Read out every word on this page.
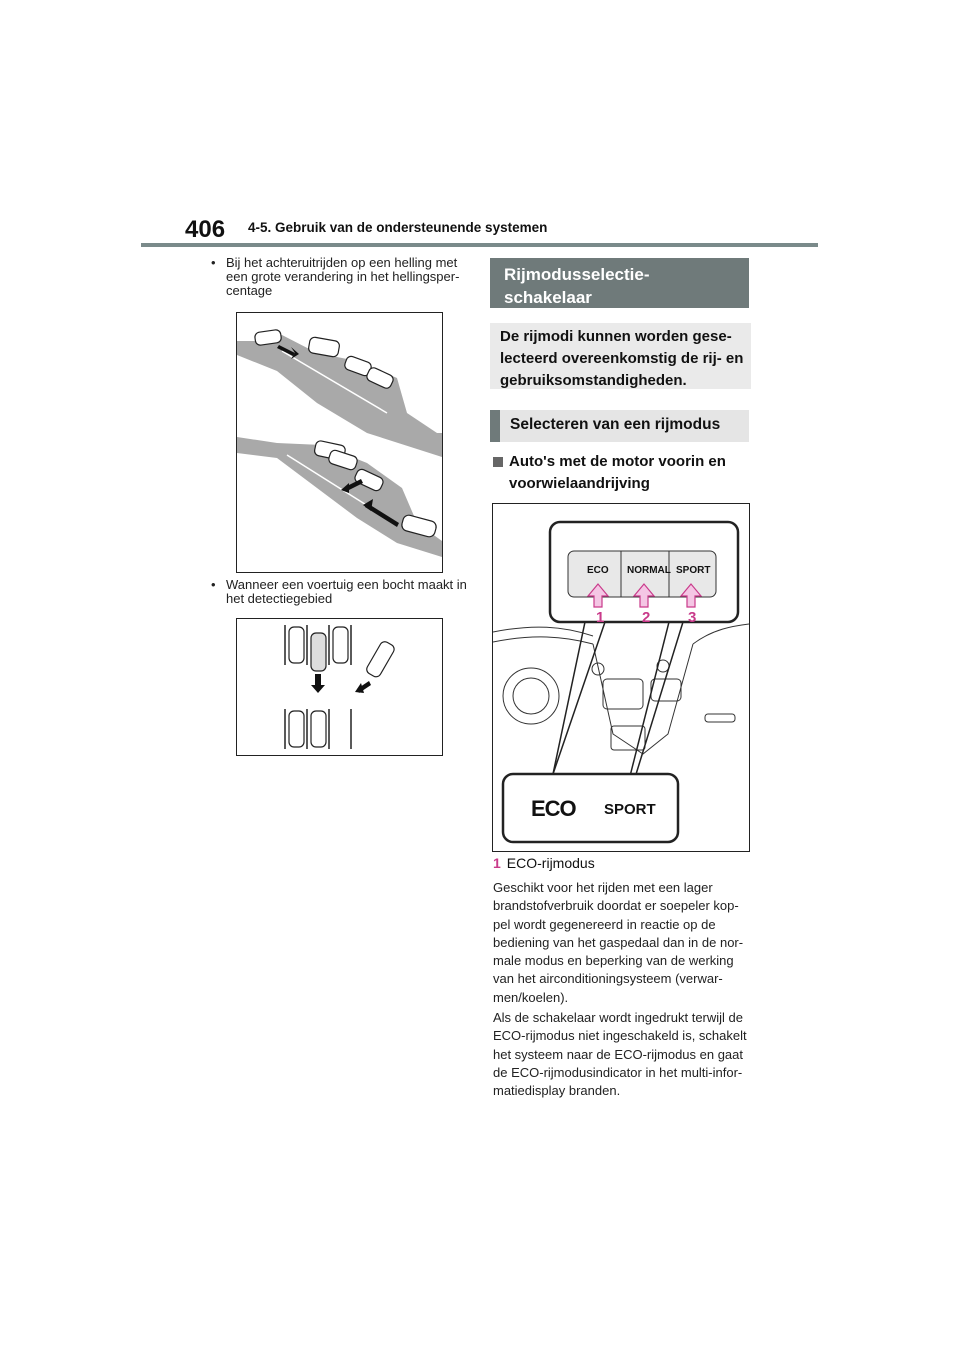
406 4-5. Gebruik van de ondersteunende systemen
• Bij het achteruitrijden op een helling met
een grote verandering in het hellingsper-
centage
• Wanneer een voertuig een bocht maakt in
het detectiegebied
Rijmodusselectie-
schakelaar
De rijmodi kunnen worden gese-
lecteerd overeenkomstig de rij- en
gebruiksomstandigheden.
Selecteren van een rijmodus
Auto's met de motor voorin en
voorwielaandrijving
ECO NORMAL SPORT
1	2	3
ECO SPORT
1 ECO-rijmodus
Geschikt voor het rijden met een lager
brandstofverbruik doordat er soepeler kop-
pel wordt gegenereerd in reactie op de
bediening van het gaspedaal dan in de nor-
male modus en beperking van de werking
van het airconditioningsysteem (verwar-
men/koelen).
Als de schakelaar wordt ingedrukt terwijl de
ECO-rijmodus niet ingeschakeld is, schakelt
het systeem naar de ECO-rijmodus en gaat
de ECO-rijmodusindicator in het multi-infor-
matiedisplay branden.
